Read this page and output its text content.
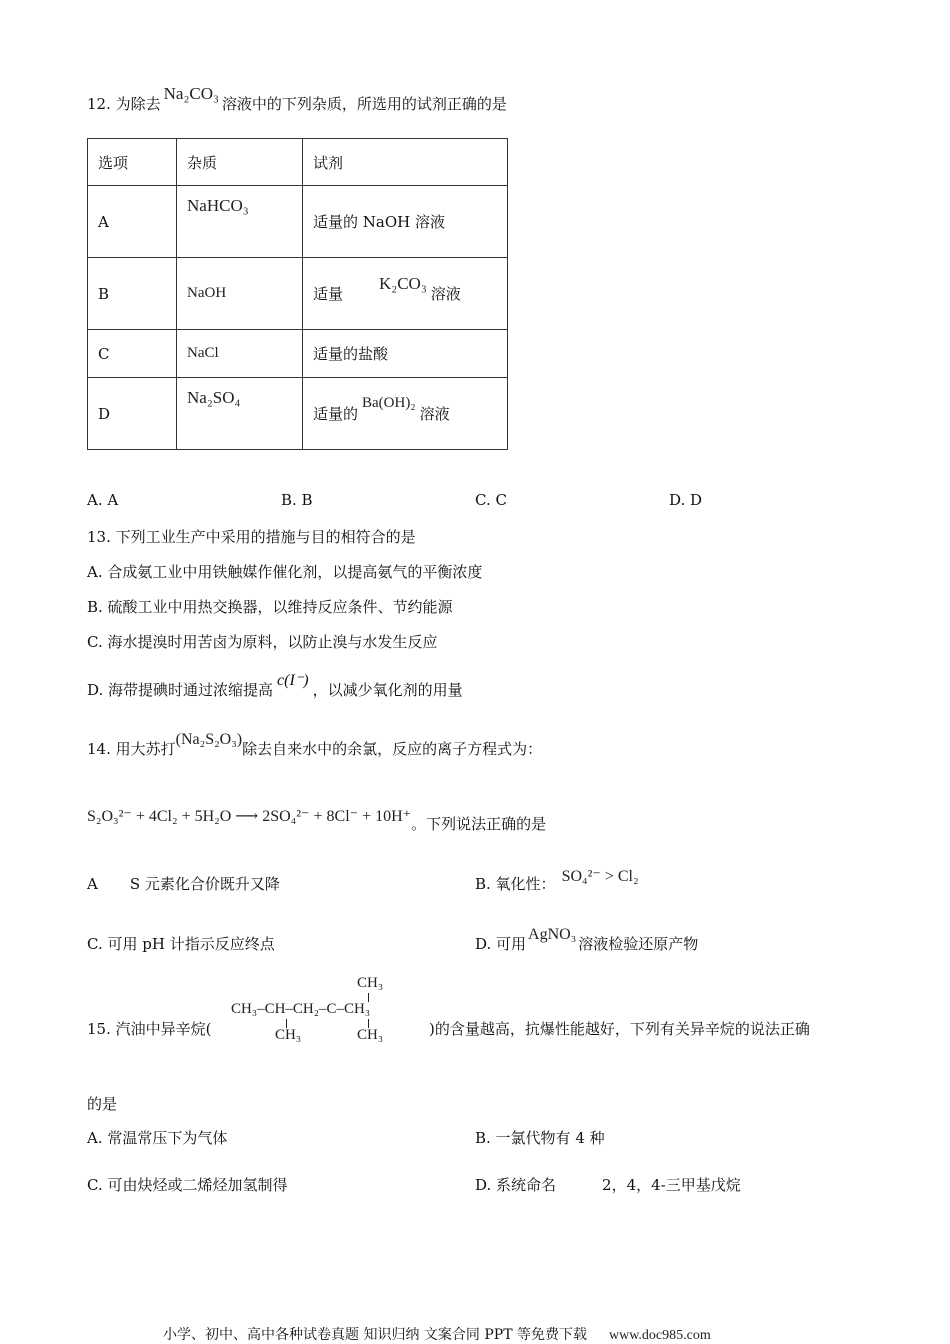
12. 为除去Na₂CO₃溶液中的下列杂质，所选用的试剂正确的是
选项	杂质	试剂
A	NaHCO₃	适量的 NaOH 溶液
B	NaOH	适量K₂CO₃溶液
C	NaCl	适量的盐酸
D	Na₂SO₄	适量的Ba(OH)₂溶液
A. A	B. B	C. C	D. D
13. 下列工业生产中采用的措施与目的相符合的是
A. 合成氨工业中用铁触媒作催化剂，以提高氨气的平衡浓度
B. 硫酸工业中用热交换器，以维持反应条件、节约能源
C. 海水提溴时用苦卤为原料，以防止溴与水发生反应
D. 海带提碘时通过浓缩提高c(I⁻)，以减少氧化剂的用量
14. 用大苏打(Na₂S₂O₃)除去自来水中的余氯，反应的离子方程式为：
S₂O₃²⁻ + 4Cl₂ + 5H₂O ⟶ 2SO₄²⁻ + 8Cl⁻ + 10H⁺。下列说法正确的是
A S 元素化合价既升又降	B. 氧化性： SO₄²⁻ > Cl₂
C. 可用 pH 计指示反应终点	D. 可用AgNO₃溶液检验还原产物
15. 汽油中异辛烷(
CH₃
CH₃–CH–CH₂–C–CH₃
CH₃	CH₃	)的含量越高，抗爆性能越好，下列有关异辛烷的说法正确
的是
A. 常温常压下为气体	B. 一氯代物有 4 种
C. 可由炔烃或二烯烃加氢制得	D. 系统命名	2，4，4-三甲基戊烷
小学、初中、高中各种试卷真题 知识归纳 文案合同 PPT 等免费下载 www.doc985.com
